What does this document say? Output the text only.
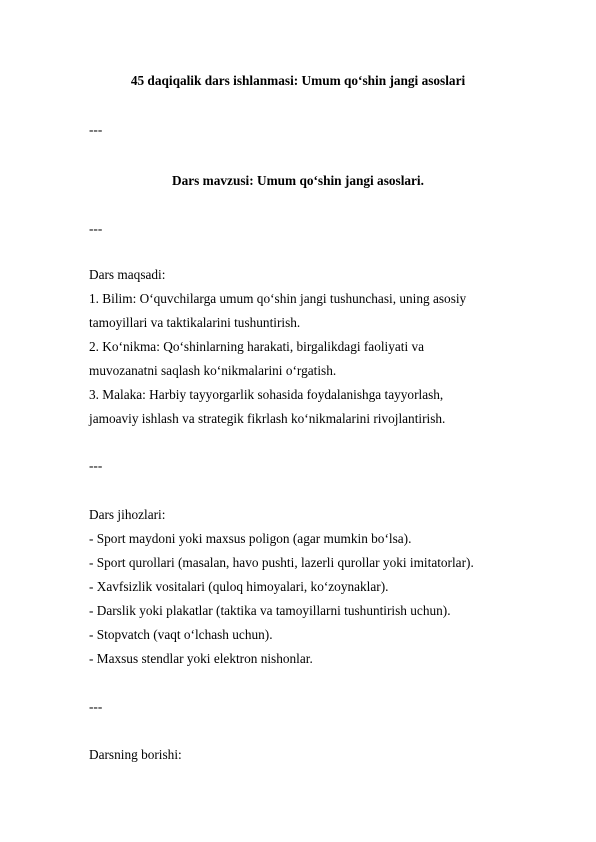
45 daqiqalik dars ishlanmasi: Umum qo‘shin jangi asoslari
---
Dars mavzusi: Umum qo‘shin jangi asoslari.
---
Dars maqsadi:
1. Bilim: O‘quvchilarga umum qo‘shin jangi tushunchasi, uning asosiy
tamoyillari va taktikalarini tushuntirish.
2. Ko‘nikma: Qo‘shinlarning harakati, birgalikdagi faoliyati va
muvozanatni saqlash ko‘nikmalarini o‘rgatish.
3. Malaka: Harbiy tayyorgarlik sohasida foydalanishga tayyorlash,
jamoaviy ishlash va strategik fikrlash ko‘nikmalarini rivojlantirish.
---
Dars jihozlari:
- Sport maydoni yoki maxsus poligon (agar mumkin bo‘lsa).
- Sport qurollari (masalan, havo pushti, lazerli qurollar yoki imitatorlar).
- Xavfsizlik vositalari (quloq himoyalari, ko‘zoynaklar).
- Darslik yoki plakatlar (taktika va tamoyillarni tushuntirish uchun).
- Stopvatch (vaqt o‘lchash uchun).
- Maxsus stendlar yoki elektron nishonlar.
---
Darsning borishi:
